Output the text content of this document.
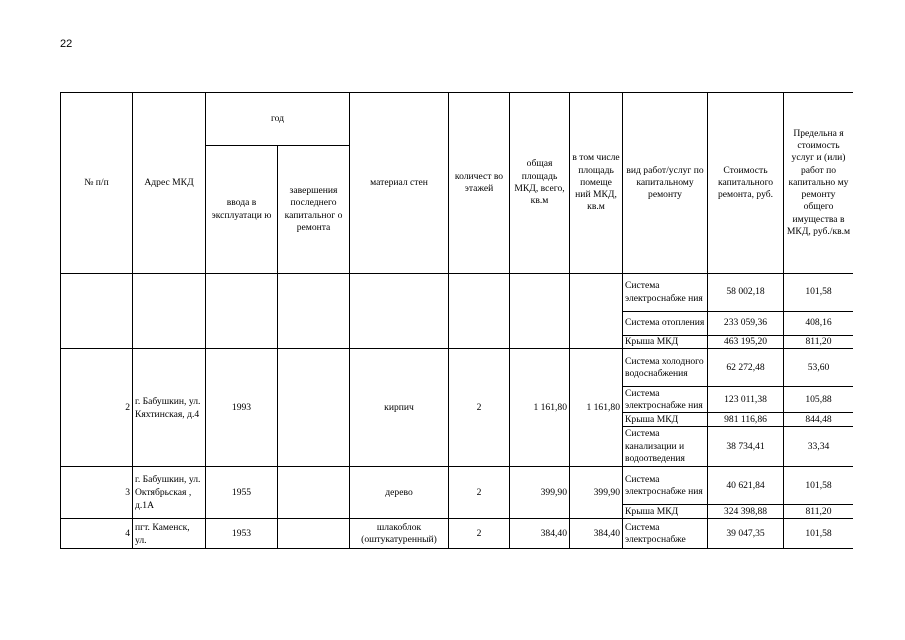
22
№ п/п	Адрес МКД	год		материал стен	количест во этажей	общая площадь МКД, всего, кв.м	в том числе площадь помеще ний МКД, кв.м	вид работ/услуг по капитальному ремонту	Стоимость капитального ремонта, руб.	Предельна я стоимость услуг и (или) работ по капитально му ремонту общего имущества в МКД, руб./кв.м
		ввода в эксплуатаци ю	завершения последнего капитальног о ремонта							
								Система электроснабже ния	58 002,18	101,58
								Система отопления	233 059,36	408,16
								Крыша МКД	463 195,20	811,20
2	г. Бабушкин, ул. Кяхтинская, д.4	1993		кирпич	2	1 161,80	1 161,80	Система холодного водоснабжения	62 272,48	53,60
								Система электроснабже ния	123 011,38	105,88
								Крыша МКД	981 116,86	844,48
								Система канализации и водоотведения	38 734,41	33,34
3	г. Бабушкин, ул. Октябрьская , д.1А	1955		дерево	2	399,90	399,90	Система электроснабже ния	40 621,84	101,58
								Крыша МКД	324 398,88	811,20
4	пгт. Каменск, ул.	1953		шлакоблок (оштукатуренный)	2	384,40	384,40	Система электроснабже	39 047,35	101,58
